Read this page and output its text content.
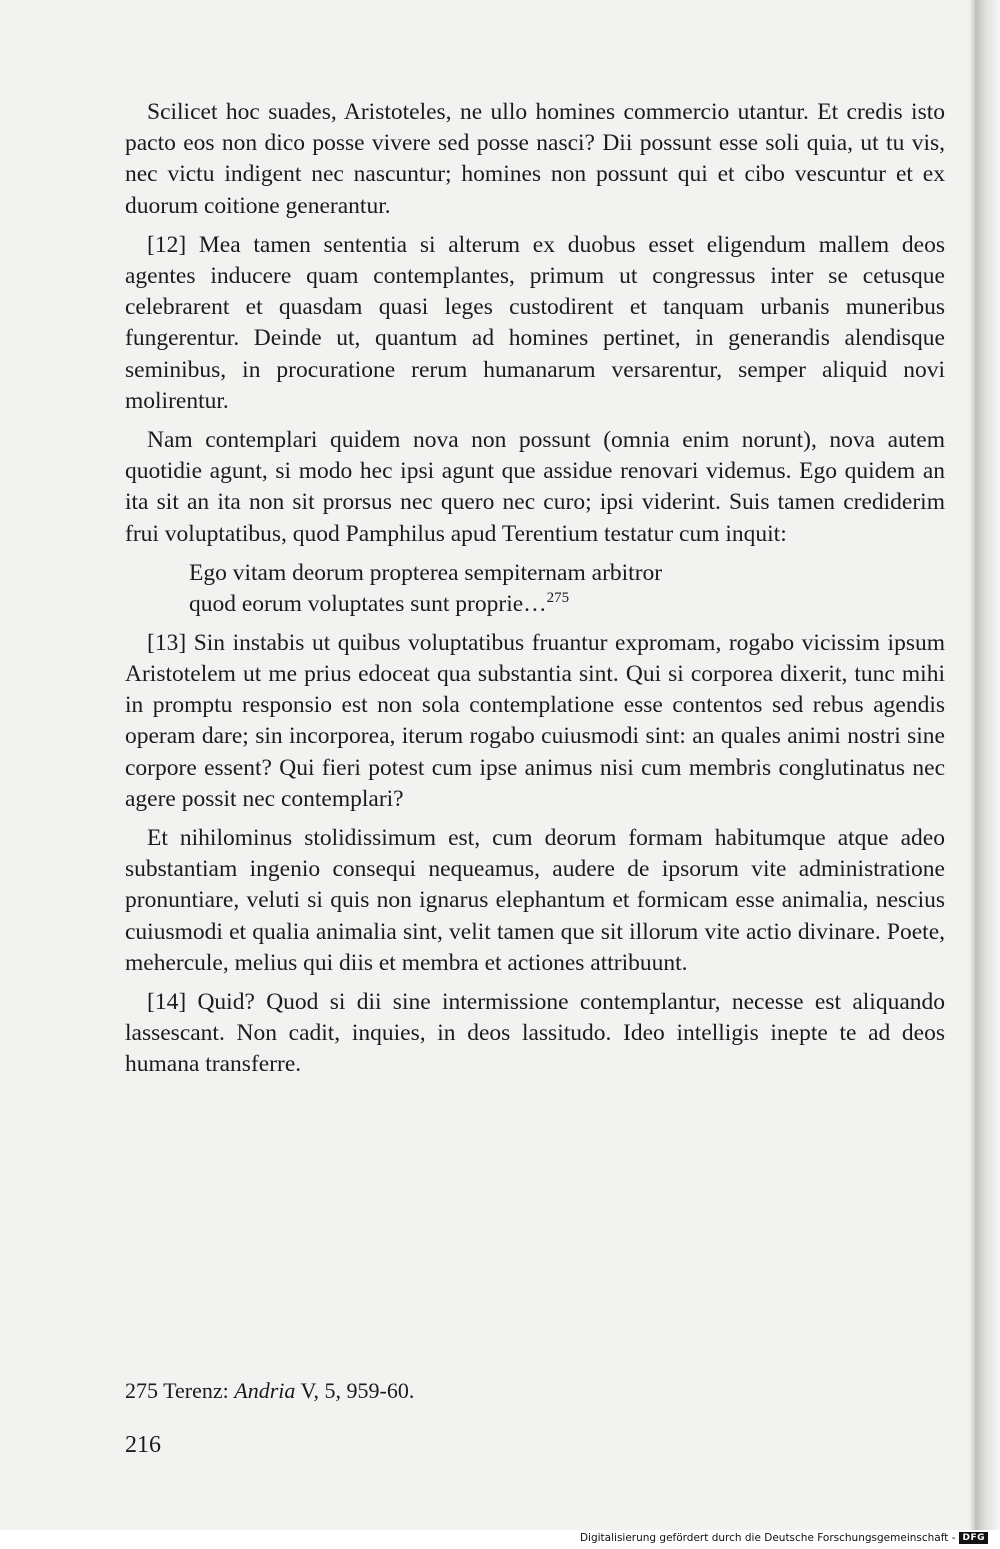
Scilicet hoc suades, Aristoteles, ne ullo homines commercio utantur. Et credis isto pacto eos non dico posse vivere sed posse nasci? Dii possunt esse soli quia, ut tu vis, nec victu indigent nec nascuntur; homines non possunt qui et cibo vescuntur et ex duorum coitione generantur.

[12] Mea tamen sententia si alterum ex duobus esset eligendum mallem deos agentes inducere quam contemplantes, primum ut congressus inter se cetusque celebrarent et quasdam quasi leges custodirent et tanquam urbanis muneribus fungerentur. Deinde ut, quantum ad homines pertinet, in generandis alendisque seminibus, in procuratione rerum humanarum versarentur, semper aliquid novi molirentur.

Nam contemplari quidem nova non possunt (omnia enim norunt), nova autem quotidie agunt, si modo hec ipsi agunt que assidue renovari videmus. Ego quidem an ita sit an ita non sit prorsus nec quero nec curo; ipsi viderint. Suis tamen crediderim frui voluptatibus, quod Pamphilus apud Terentium testatur cum inquit:

Ego vitam deorum propterea sempiternam arbitror
quod eorum voluptates sunt proprie…$^{275}$

[13] Sin instabis ut quibus voluptatibus fruantur expromam, rogabo vicissim ipsum Aristotelem ut me prius edoceat qua substantia sint. Qui si corporea dixerit, tunc mihi in promptu responsio est non sola contemplatione esse contentos sed rebus agendis operam dare; sin incorporea, iterum rogabo cuiusmodi sint: an quales animi nostri sine corpore essent? Qui fieri potest cum ipse animus nisi cum membris conglutinatus nec agere possit nec contemplari?

Et nihilominus stolidissimum est, cum deorum formam habitumque atque adeo substantiam ingenio consequi nequeamus, audere de ipsorum vite administratione pronuntiare, veluti si quis non ignarus elephantum et formicam esse animalia, nescius cuiusmodi et qualia animalia sint, velit tamen que sit illorum vite actio divinare. Poete, mehercule, melius qui diis et membra et actiones attribuunt.

[14] Quid? Quod si dii sine intermissione contemplantur, necesse est aliquando lassescant. Non cadit, inquies, in deos lassitudo. Ideo intelligis inepte te ad deos humana transferre.

275 Terenz: Andria V, 5, 959-60.
216
Digitalisierung gefördert durch die Deutsche Forschungsgemeinschaft - DFG
